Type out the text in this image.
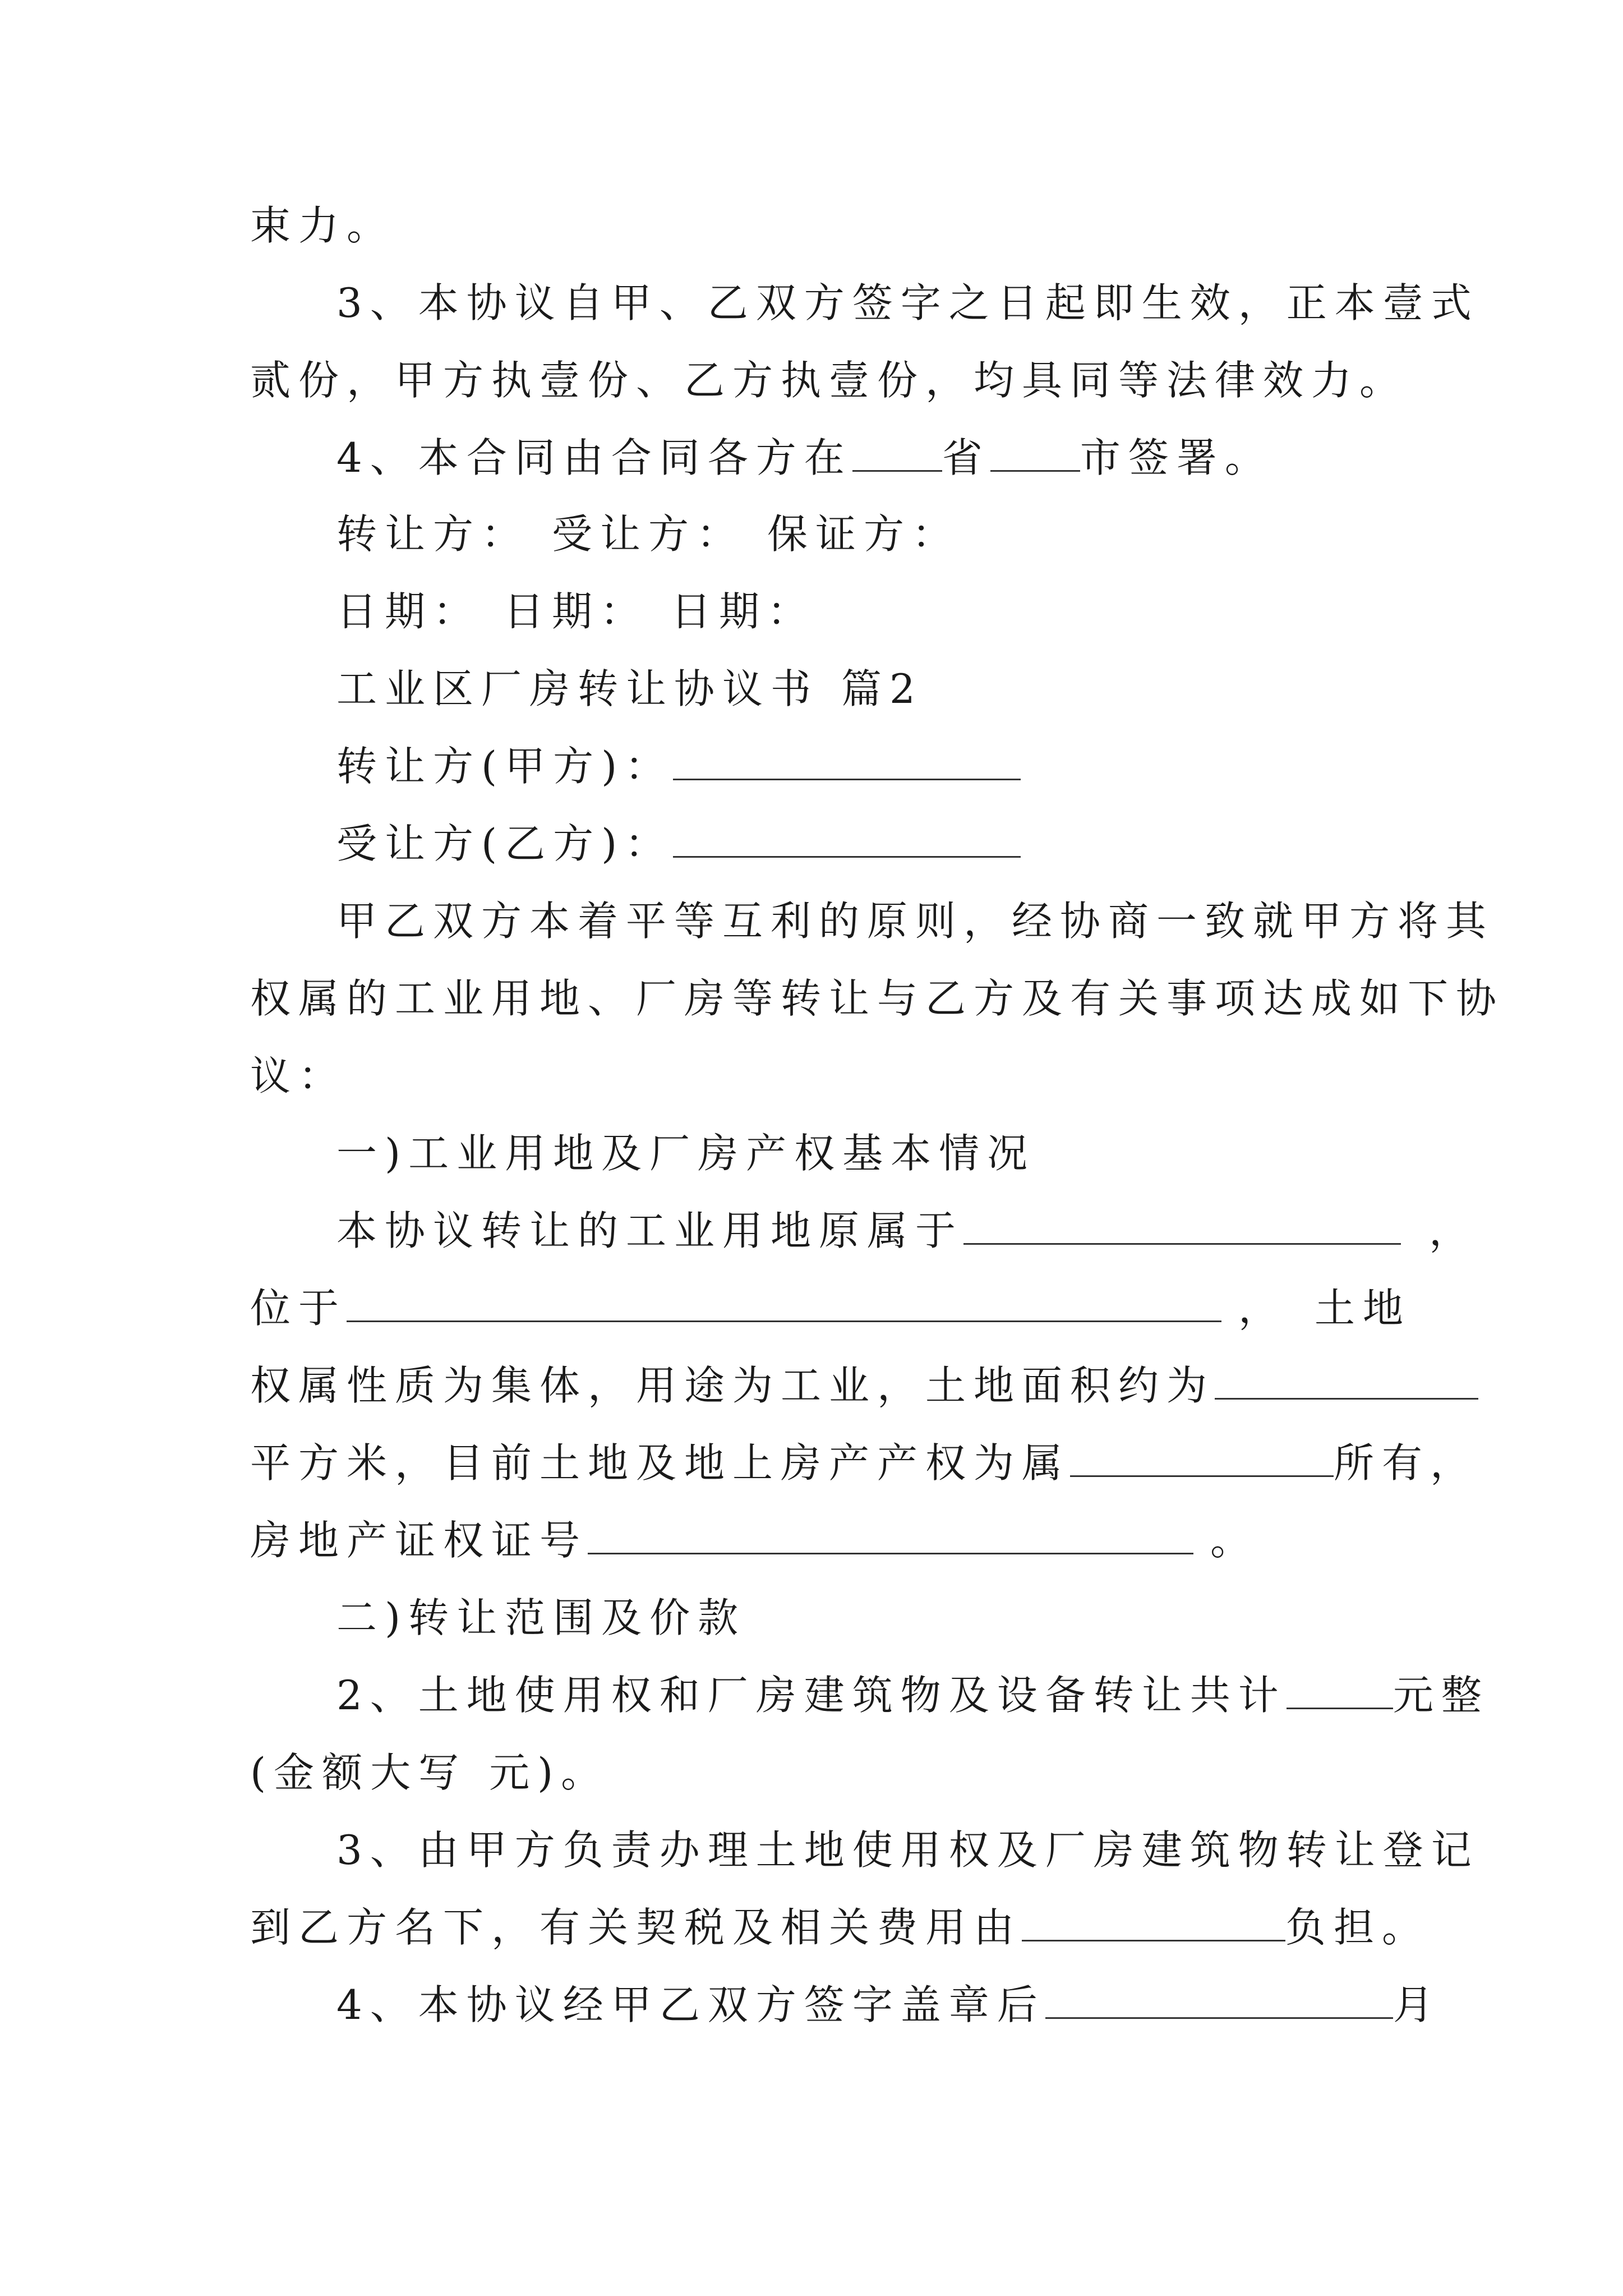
束力。
3、本协议自甲、乙双方签字之日起即生效，正本壹式
贰份，甲方执壹份、乙方执壹份，均具同等法律效力。
4、本合同由合同各方在 省 市签署。
转让方： 受让方： 保证方：
日期： 日期： 日期：
工业区厂房转让协议书 篇2
转让方(甲方)：
受让方(乙方)：
甲乙双方本着平等互利的原则，经协商一致就甲方将其
权属的工业用地、厂房等转让与乙方及有关事项达成如下协
议：
一)工业用地及厂房产权基本情况
本协议转让的工业用地原属于	，
位于	， 土地
权属性质为集体，用途为工业，土地面积约为
平方米，目前土地及地上房产产权为属	所有，
房地产证权证号	。
二)转让范围及价款
2、土地使用权和厂房建筑物及设备转让共计	元整
(金额大写 元)。
3、由甲方负责办理土地使用权及厂房建筑物转让登记
到乙方名下，有关契税及相关费用由	负担。
4、本协议经甲乙双方签字盖章后	月
